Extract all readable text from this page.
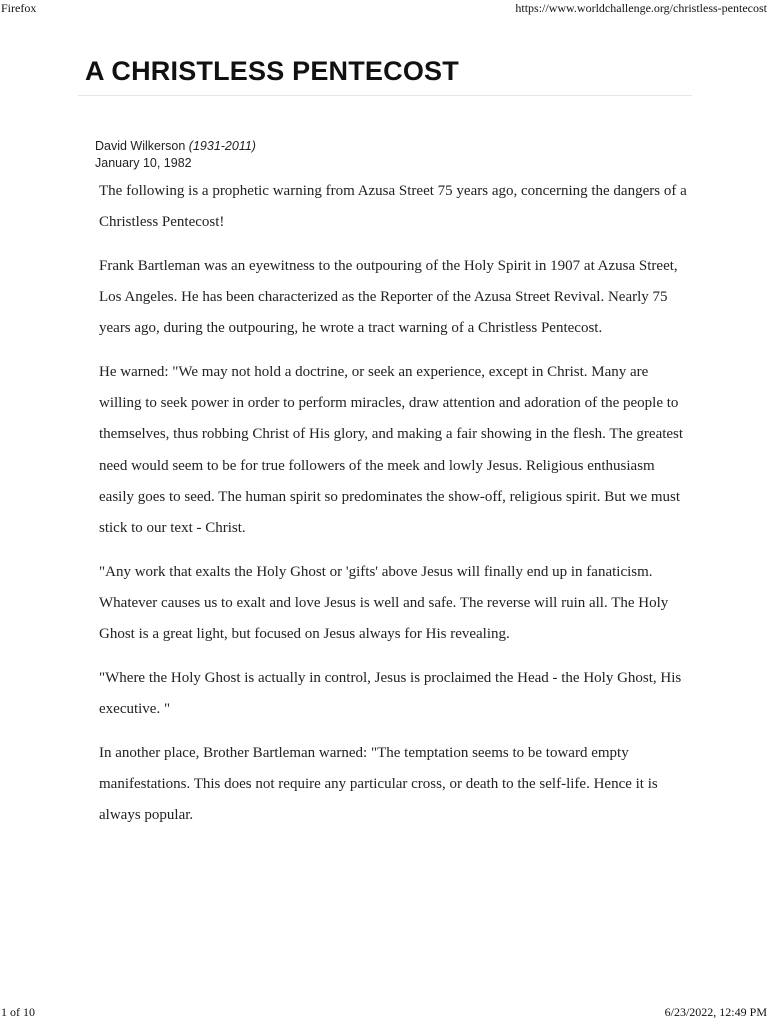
Firefox	https://www.worldchallenge.org/christless-pentecost
A CHRISTLESS PENTECOST
David Wilkerson (1931-2011)
January 10, 1982

The following is a prophetic warning from Azusa Street 75 years ago, concerning the dangers of a Christless Pentecost!

Frank Bartleman was an eyewitness to the outpouring of the Holy Spirit in 1907 at Azusa Street, Los Angeles. He has been characterized as the Reporter of the Azusa Street Revival. Nearly 75 years ago, during the outpouring, he wrote a tract warning of a Christless Pentecost.

He warned: "We may not hold a doctrine, or seek an experience, except in Christ. Many are willing to seek power in order to perform miracles, draw attention and adoration of the people to themselves, thus robbing Christ of His glory, and making a fair showing in the flesh. The greatest need would seem to be for true followers of the meek and lowly Jesus. Religious enthusiasm easily goes to seed. The human spirit so predominates the show-off, religious spirit. But we must stick to our text - Christ.

"Any work that exalts the Holy Ghost or 'gifts' above Jesus will finally end up in fanaticism. Whatever causes us to exalt and love Jesus is well and safe. The reverse will ruin all. The Holy Ghost is a great light, but focused on Jesus always for His revealing.

"Where the Holy Ghost is actually in control, Jesus is proclaimed the Head - the Holy Ghost, His executive. "

In another place, Brother Bartleman warned: "The temptation seems to be toward empty manifestations. This does not require any particular cross, or death to the self-life. Hence it is always popular.

1 of 10	6/23/2022, 12:49 PM
